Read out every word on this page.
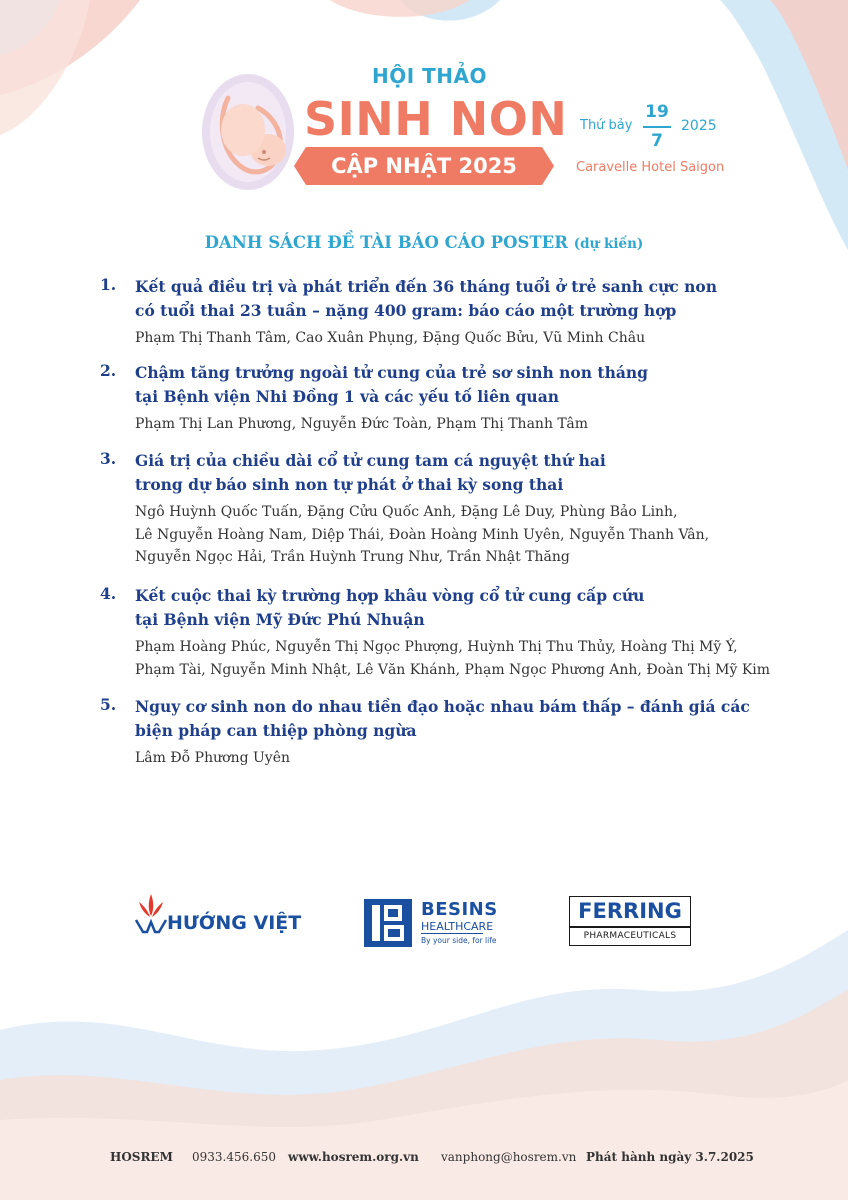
HỘI THẢO
SINH NON
CẬP NHẬT 2025
Thứ bảy
19
7
2025
Caravelle Hotel Saigon
DANH SÁCH ĐỀ TÀI BÁO CÁO POSTER (dự kiến)
1. Kết quả điều trị và phát triển đến 36 tháng tuổi ở trẻ sanh cực non
có tuổi thai 23 tuần – nặng 400 gram: báo cáo một trường hợp
Phạm Thị Thanh Tâm, Cao Xuân Phụng, Đặng Quốc Bửu, Vũ Minh Châu
2. Chậm tăng trưởng ngoài tử cung của trẻ sơ sinh non tháng
tại Bệnh viện Nhi Đồng 1 và các yếu tố liên quan
Phạm Thị Lan Phương, Nguyễn Đức Toàn, Phạm Thị Thanh Tâm
3. Giá trị của chiều dài cổ tử cung tam cá nguyệt thứ hai
trong dự báo sinh non tự phát ở thai kỳ song thai
Ngô Huỳnh Quốc Tuấn, Đặng Cửu Quốc Anh, Đặng Lê Duy, Phùng Bảo Linh,
Lê Nguyễn Hoàng Nam, Diệp Thái, Đoàn Hoàng Minh Uyên, Nguyễn Thanh Vân,
Nguyễn Ngọc Hải, Trần Huỳnh Trung Như, Trần Nhật Thăng
4. Kết cuộc thai kỳ trường hợp khâu vòng cổ tử cung cấp cứu
tại Bệnh viện Mỹ Đức Phú Nhuận
Phạm Hoàng Phúc, Nguyễn Thị Ngọc Phượng, Huỳnh Thị Thu Thủy, Hoàng Thị Mỹ Ý,
Phạm Tài, Nguyễn Minh Nhật, Lê Văn Khánh, Phạm Ngọc Phương Anh, Đoàn Thị Mỹ Kim
5. Nguy cơ sinh non do nhau tiền đạo hoặc nhau bám thấp – đánh giá các
biện pháp can thiệp phòng ngừa
Lâm Đỗ Phương Uyên
HƯỚNG VIỆT
BESINS
HEALTHCARE
By your side, for life
FERRING
PHARMACEUTICALS
HOSREM 0933.456.650 www.hosrem.org.vn vanphong@hosrem.vn Phát hành ngày 3.7.2025
